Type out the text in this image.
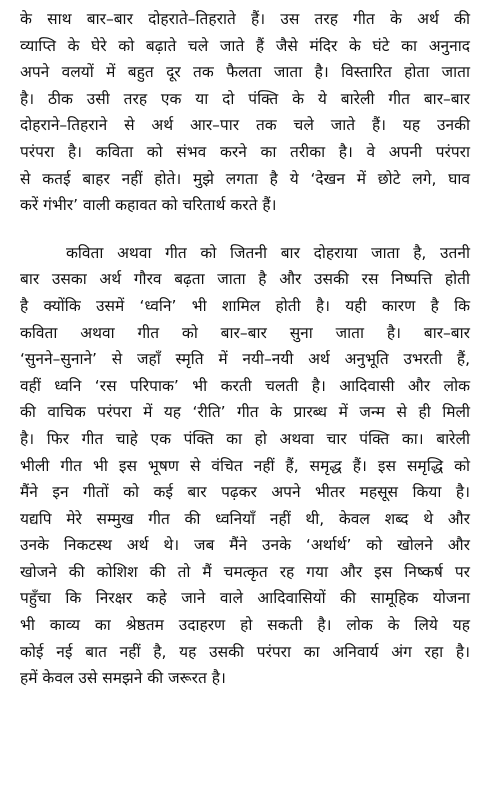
के साथ बार–बार दोहराते–तिहराते हैं। उस तरह गीत के अर्थ की
व्याप्ति के घेरे को बढ़ाते चले जाते हैं जैसे मंदिर के घंटे का अनुनाद
अपने वलयों में बहुत दूर तक फैलता जाता है। विस्तारित होता जाता
है। ठीक उसी तरह एक या दो पंक्ति के ये बारेली गीत बार–बार
दोहराने–तिहराने से अर्थ आर–पार तक चले जाते हैं। यह उनकी
परंपरा है। कविता को संभव करने का तरीका है। वे अपनी परंपरा
से कतई बाहर नहीं होते। मुझे लगता है ये ‘देखन में छोटे लगे, घाव
करें गंभीर’ वाली कहावत को चरितार्थ करते हैं।
कविता अथवा गीत को जितनी बार दोहराया जाता है, उतनी
बार उसका अर्थ गौरव बढ़ता जाता है और उसकी रस निष्पत्ति होती
है क्योंकि उसमें ‘ध्वनि’ भी शामिल होती है। यही कारण है कि
कविता अथवा गीत को बार–बार सुना जाता है। बार–बार
‘सुनने–सुनाने’ से जहाँ स्मृति में नयी–नयी अर्थ अनुभूति उभरती हैं,
वहीं ध्वनि ‘रस परिपाक’ भी करती चलती है। आदिवासी और लोक
की वाचिक परंपरा में यह ‘रीति’ गीत के प्रारब्ध में जन्म से ही मिली
है। फिर गीत चाहे एक पंक्ति का हो अथवा चार पंक्ति का। बारेली
भीली गीत भी इस भूषण से वंचित नहीं हैं, समृद्ध हैं। इस समृद्धि को
मैंने इन गीतों को कई बार पढ़कर अपने भीतर महसूस किया है।
यद्यपि मेरे सम्मुख गीत की ध्वनियाँ नहीं थी, केवल शब्द थे और
उनके निकटस्थ अर्थ थे। जब मैंने उनके ‘अर्थार्थ’ को खोलने और
खोजने की कोशिश की तो मैं चमत्कृत रह गया और इस निष्कर्ष पर
पहुँचा कि निरक्षर कहे जाने वाले आदिवासियों की सामूहिक योजना
भी काव्य का श्रेष्ठतम उदाहरण हो सकती है। लोक के लिये यह
कोई नई बात नहीं है, यह उसकी परंपरा का अनिवार्य अंग रहा है।
हमें केवल उसे समझने की जरूरत है।
